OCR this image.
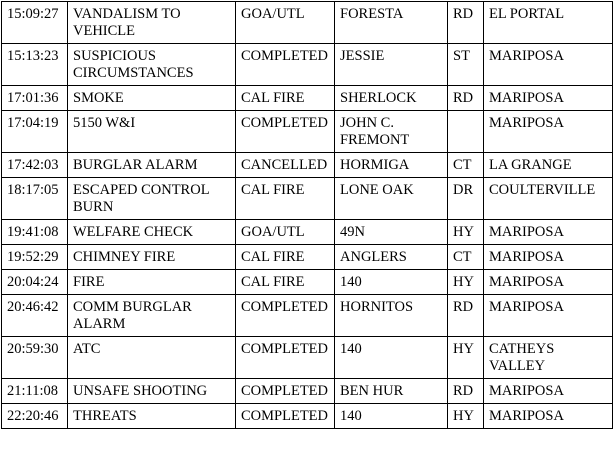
15:09:27	VANDALISM TO VEHICLE	GOA/UTL	FORESTA	RD	EL PORTAL
15:13:23	SUSPICIOUS CIRCUMSTANCES	COMPLETED	JESSIE	ST	MARIPOSA
17:01:36	SMOKE	CAL FIRE	SHERLOCK	RD	MARIPOSA
17:04:19	5150 W&I	COMPLETED	JOHN C. FREMONT		MARIPOSA
17:42:03	BURGLAR ALARM	CANCELLED	HORMIGA	CT	LA GRANGE
18:17:05	ESCAPED CONTROL BURN	CAL FIRE	LONE OAK	DR	COULTERVILLE
19:41:08	WELFARE CHECK	GOA/UTL	49N	HY	MARIPOSA
19:52:29	CHIMNEY FIRE	CAL FIRE	ANGLERS	CT	MARIPOSA
20:04:24	FIRE	CAL FIRE	140	HY	MARIPOSA
20:46:42	COMM BURGLAR ALARM	COMPLETED	HORNITOS	RD	MARIPOSA
20:59:30	ATC	COMPLETED	140	HY	CATHEYS VALLEY
21:11:08	UNSAFE SHOOTING	COMPLETED	BEN HUR	RD	MARIPOSA
22:20:46	THREATS	COMPLETED	140	HY	MARIPOSA
